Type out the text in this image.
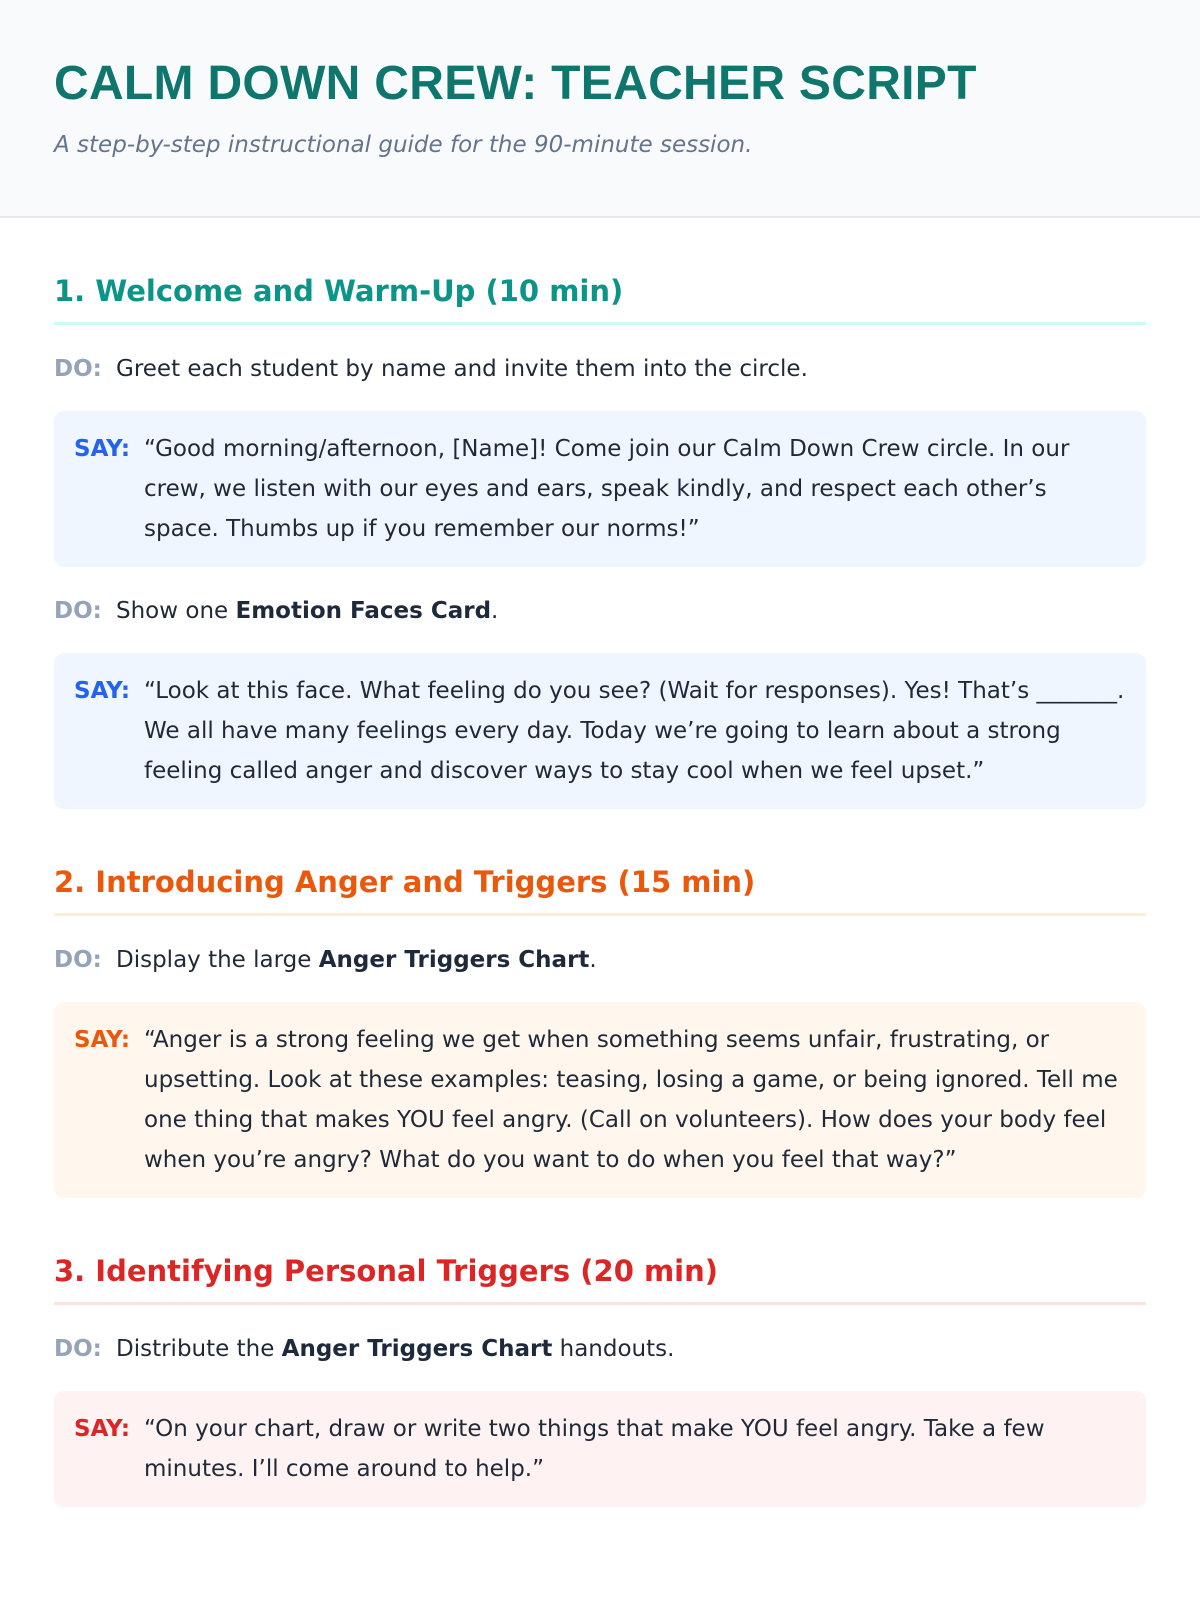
CALM DOWN CREW: TEACHER SCRIPT
A step-by-step instructional guide for the 90-minute session.
1. Welcome and Warm-Up (10 min)
DO: Greet each student by name and invite them into the circle.
SAY: “Good morning/afternoon, [Name]! Come join our Calm Down Crew circle. In our crew, we listen with our eyes and ears, speak kindly, and respect each other’s space. Thumbs up if you remember our norms!”
DO: Show one Emotion Faces Card.
SAY: “Look at this face. What feeling do you see? (Wait for responses). Yes! That’s _______. We all have many feelings every day. Today we’re going to learn about a strong feeling called anger and discover ways to stay cool when we feel upset.”
2. Introducing Anger and Triggers (15 min)
DO: Display the large Anger Triggers Chart.
SAY: “Anger is a strong feeling we get when something seems unfair, frustrating, or upsetting. Look at these examples: teasing, losing a game, or being ignored. Tell me one thing that makes YOU feel angry. (Call on volunteers). How does your body feel when you’re angry? What do you want to do when you feel that way?”
3. Identifying Personal Triggers (20 min)
DO: Distribute the Anger Triggers Chart handouts.
SAY: “On your chart, draw or write two things that make YOU feel angry. Take a few minutes. I’ll come around to help.”
